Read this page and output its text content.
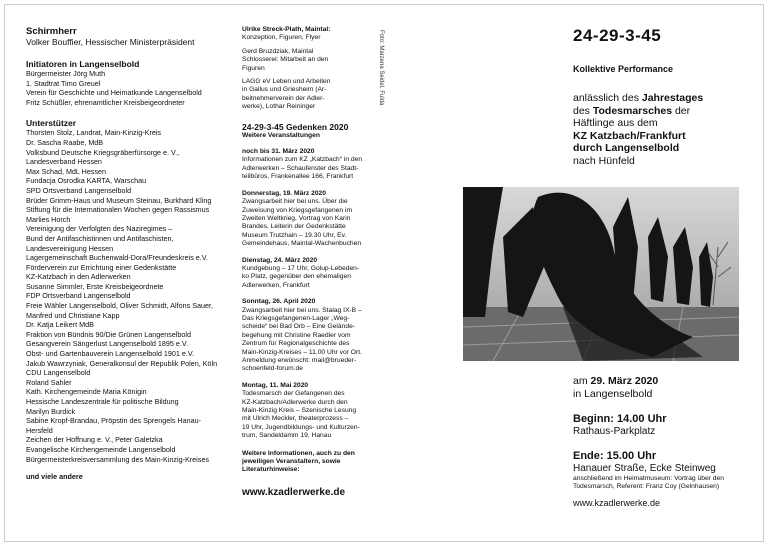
Schirmherr
Volker Bouffier, Hessischer Ministerpräsident
Initiatoren in Langenselbold
Bürgermeister Jörg Muth
1. Stadtrat Timo Greuel
Verein für Geschichte und Heimatkunde Langenselbold
Fritz Schüßler, ehrenamtlicher Kreisbeigeordneter
Unterstützer
Thorsten Stolz, Landrat, Main-Kinzig-Kreis
Dr. Sascha Raabe, MdB
Volksbund Deutsche Kriegsgräberfürsorge e. V.,
Landesverband Hessen
Max Schad, MdL Hessen
Fundacja Osrodka KARTA, Warschau
SPD Ortsverband Langenselbold
Brüder Grimm-Haus und Museum Steinau, Burkhard Kling
Stiftung für die Internationalen Wochen gegen Rassismus
Marlies Horch
Vereinigung der Verfolgten des Naziregimes –
Bund der Antifaschistinnen und Antifaschisten,
Landesvereinigung Hessen
Lagergemeinschaft Buchenwald-Dora/Freundeskreis e.V.
Förderverein zur Errichtung einer Gedenkstätte
KZ-Katzbach in den Adlerwerken
Susanne Simmler, Erste Kreisbeigeordnete
FDP Ortsverband Langenselbold
Freie Wähler Langenselbold, Oliver Schmidt, Alfons Sauer,
Manfred und Christiane Kapp
Dr. Katja Leikert MdB
Fraktion von Bündnis 90/Die Grünen Langenselbold
Gesangverein Sängerlust Langenselbold 1895 e.V.
Obst- und Gartenbauverein Langenselbold 1901 e.V.
Jakub Wawrzyniak, Generalkonsul der Republik Polen, Köln
CDU Langenselbold
Roland Sahler
Kath. Kirchengemeinde Maria Königin
Hessische Landeszentrale für politische Bildung
Marilyn Burdick
Sabine Kropf-Brandau, Pröpstin des Sprengels Hanau-
Hersfeld
Zeichen der Hoffnung e. V., Peter Galetzka
Evangelische Kirchengemeinde Langenselbold
Bürgermeisterkreisversammlung des Main-Kinzig-Kreises
und viele andere
Ulrike Streck-Plath, Maintal:
Konzeption, Figuren, Flyer
Gerd Bruzdziak, Maintal
Schlosserei: Mitarbeit an den
Figuren
LAGG eV Leben und Arbeiten
in Gallus und Griesheim (Ar-
beitnehmerverein der Adler-
werke), Lothar Reininger
24-29-3-45 Gedenken 2020
Weitere Veranstaltungen
noch bis 31. März 2020
Informationen zum KZ „Katzbach“ in den
Adlerwerken – Schaufenster des Stadt-
teilbüros, Frankenallee 166, Frankfurt
Donnerstag, 19. März 2020
Zwangsarbeit hier bei uns. Über die
Zuweisung von Kriegsgefangenen im
Zweiten Weltkrieg, Vortrag von Karin
Brandes, Leiterin der Gedenkstätte
Museum Trutzhain – 19.30 Uhr, Ev.
Gemeindehaus, Maintal-Wachenbuchen
Dienstag, 24. März 2020
Kundgebung – 17 Uhr, Golup-Lebeden-
ko Platz, gegenüber den ehemaligen
Adlerwerken, Frankfurt
Sonntag, 26. April 2020
Zwangsarbeit hier bei uns. Stalag IX-B –
Das Kriegsgefangenen-Lager „Weg-
scheide“ bei Bad Orb – Eine Gelände-
begehung mit Christine Raedler vom
Zentrum für Regionalgeschichte des
Main-Kinzig-Kreises – 11.00 Uhr vor Ort.
Anmeldung erwünscht: mail@brueder-
schoenfeld-forum.de
Montag, 11. Mai 2020
Todesmarsch der Gefangenen des
KZ-Katzbach/Adlerwerke durch den
Main-Kinzig Kreis – Szenische Lesung
mit Ulrich Meckler, theaterprozess –
19 Uhr, Jugendbildungs- und Kulturzen-
trum, Sandeldamm 19, Hanau
Weitere Informationen, auch zu den
jeweiligen Veranstaltern, sowie
Literaturhinweise:
www.kzadlerwerke.de
Foto: Marzena Seidel, Fulda	24-29-3-45
Kollektive Performance
anlässlich des Jahrestages
des Todesmarsches der
Häftlinge aus dem
KZ Katzbach/Frankfurt
durch Langenselbold
nach Hünfeld
am 29. März 2020
in Langenselbold
Beginn: 14.00 Uhr
Rathaus-Parkplatz
Ende: 15.00 Uhr
Hanauer Straße, Ecke Steinweg
anschließend im Heimatmuseum: Vortrag über den
Todesmarsch, Referent: Franz Coy (Gelnhausen)
www.kzadlerwerke.de
